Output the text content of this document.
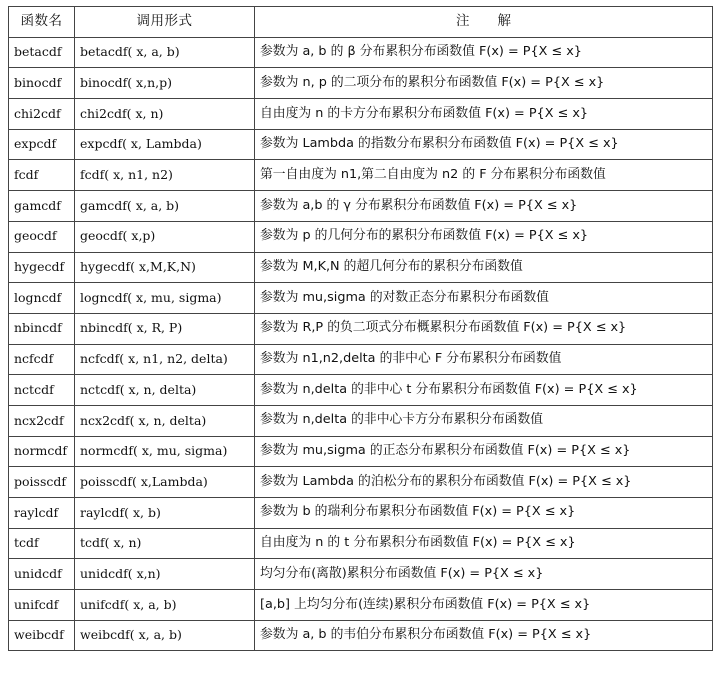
函数名	调用形式	注 解
betacdf	betacdf( x, a, b)	参数为 a, b 的 β 分布累积分布函数值 F(x) = P{X ≤ x}
binocdf	binocdf( x,n,p)	参数为 n, p 的二项分布的累积分布函数值 F(x) = P{X ≤ x}
chi2cdf	chi2cdf( x, n)	自由度为 n 的卡方分布累积分布函数值 F(x) = P{X ≤ x}
expcdf	expcdf( x, Lambda)	参数为 Lambda 的指数分布累积分布函数值 F(x) = P{X ≤ x}
fcdf	fcdf( x, n1, n2)	第一自由度为 n1,第二自由度为 n2 的 F 分布累积分布函数值
gamcdf	gamcdf( x, a, b)	参数为 a,b 的 γ 分布累积分布函数值 F(x) = P{X ≤ x}
geocdf	geocdf( x,p)	参数为 p 的几何分布的累积分布函数值 F(x) = P{X ≤ x}
hygecdf	hygecdf( x,M,K,N)	参数为 M,K,N 的超几何分布的累积分布函数值
logncdf	logncdf( x, mu, sigma)	参数为 mu,sigma 的对数正态分布累积分布函数值
nbincdf	nbincdf( x, R, P)	参数为 R,P 的负二项式分布概累积分布函数值 F(x) = P{X ≤ x}
ncfcdf	ncfcdf( x, n1, n2, delta)	参数为 n1,n2,delta 的非中心 F 分布累积分布函数值
nctcdf	nctcdf( x, n, delta)	参数为 n,delta 的非中心 t 分布累积分布函数值 F(x) = P{X ≤ x}
ncx2cdf	ncx2cdf( x, n, delta)	参数为 n,delta 的非中心卡方分布累积分布函数值
normcdf	normcdf( x, mu, sigma)	参数为 mu,sigma 的正态分布累积分布函数值 F(x) = P{X ≤ x}
poisscdf	poisscdf( x,Lambda)	参数为 Lambda 的泊松分布的累积分布函数值 F(x) = P{X ≤ x}
raylcdf	raylcdf( x, b)	参数为 b 的瑞利分布累积分布函数值 F(x) = P{X ≤ x}
tcdf	tcdf( x, n)	自由度为 n 的 t 分布累积分布函数值 F(x) = P{X ≤ x}
unidcdf	unidcdf( x,n)	均匀分布(离散)累积分布函数值 F(x) = P{X ≤ x}
unifcdf	unifcdf( x, a, b)	[a,b] 上均匀分布(连续)累积分布函数值 F(x) = P{X ≤ x}
weibcdf	weibcdf( x, a, b)	参数为 a, b 的韦伯分布累积分布函数值 F(x) = P{X ≤ x}
